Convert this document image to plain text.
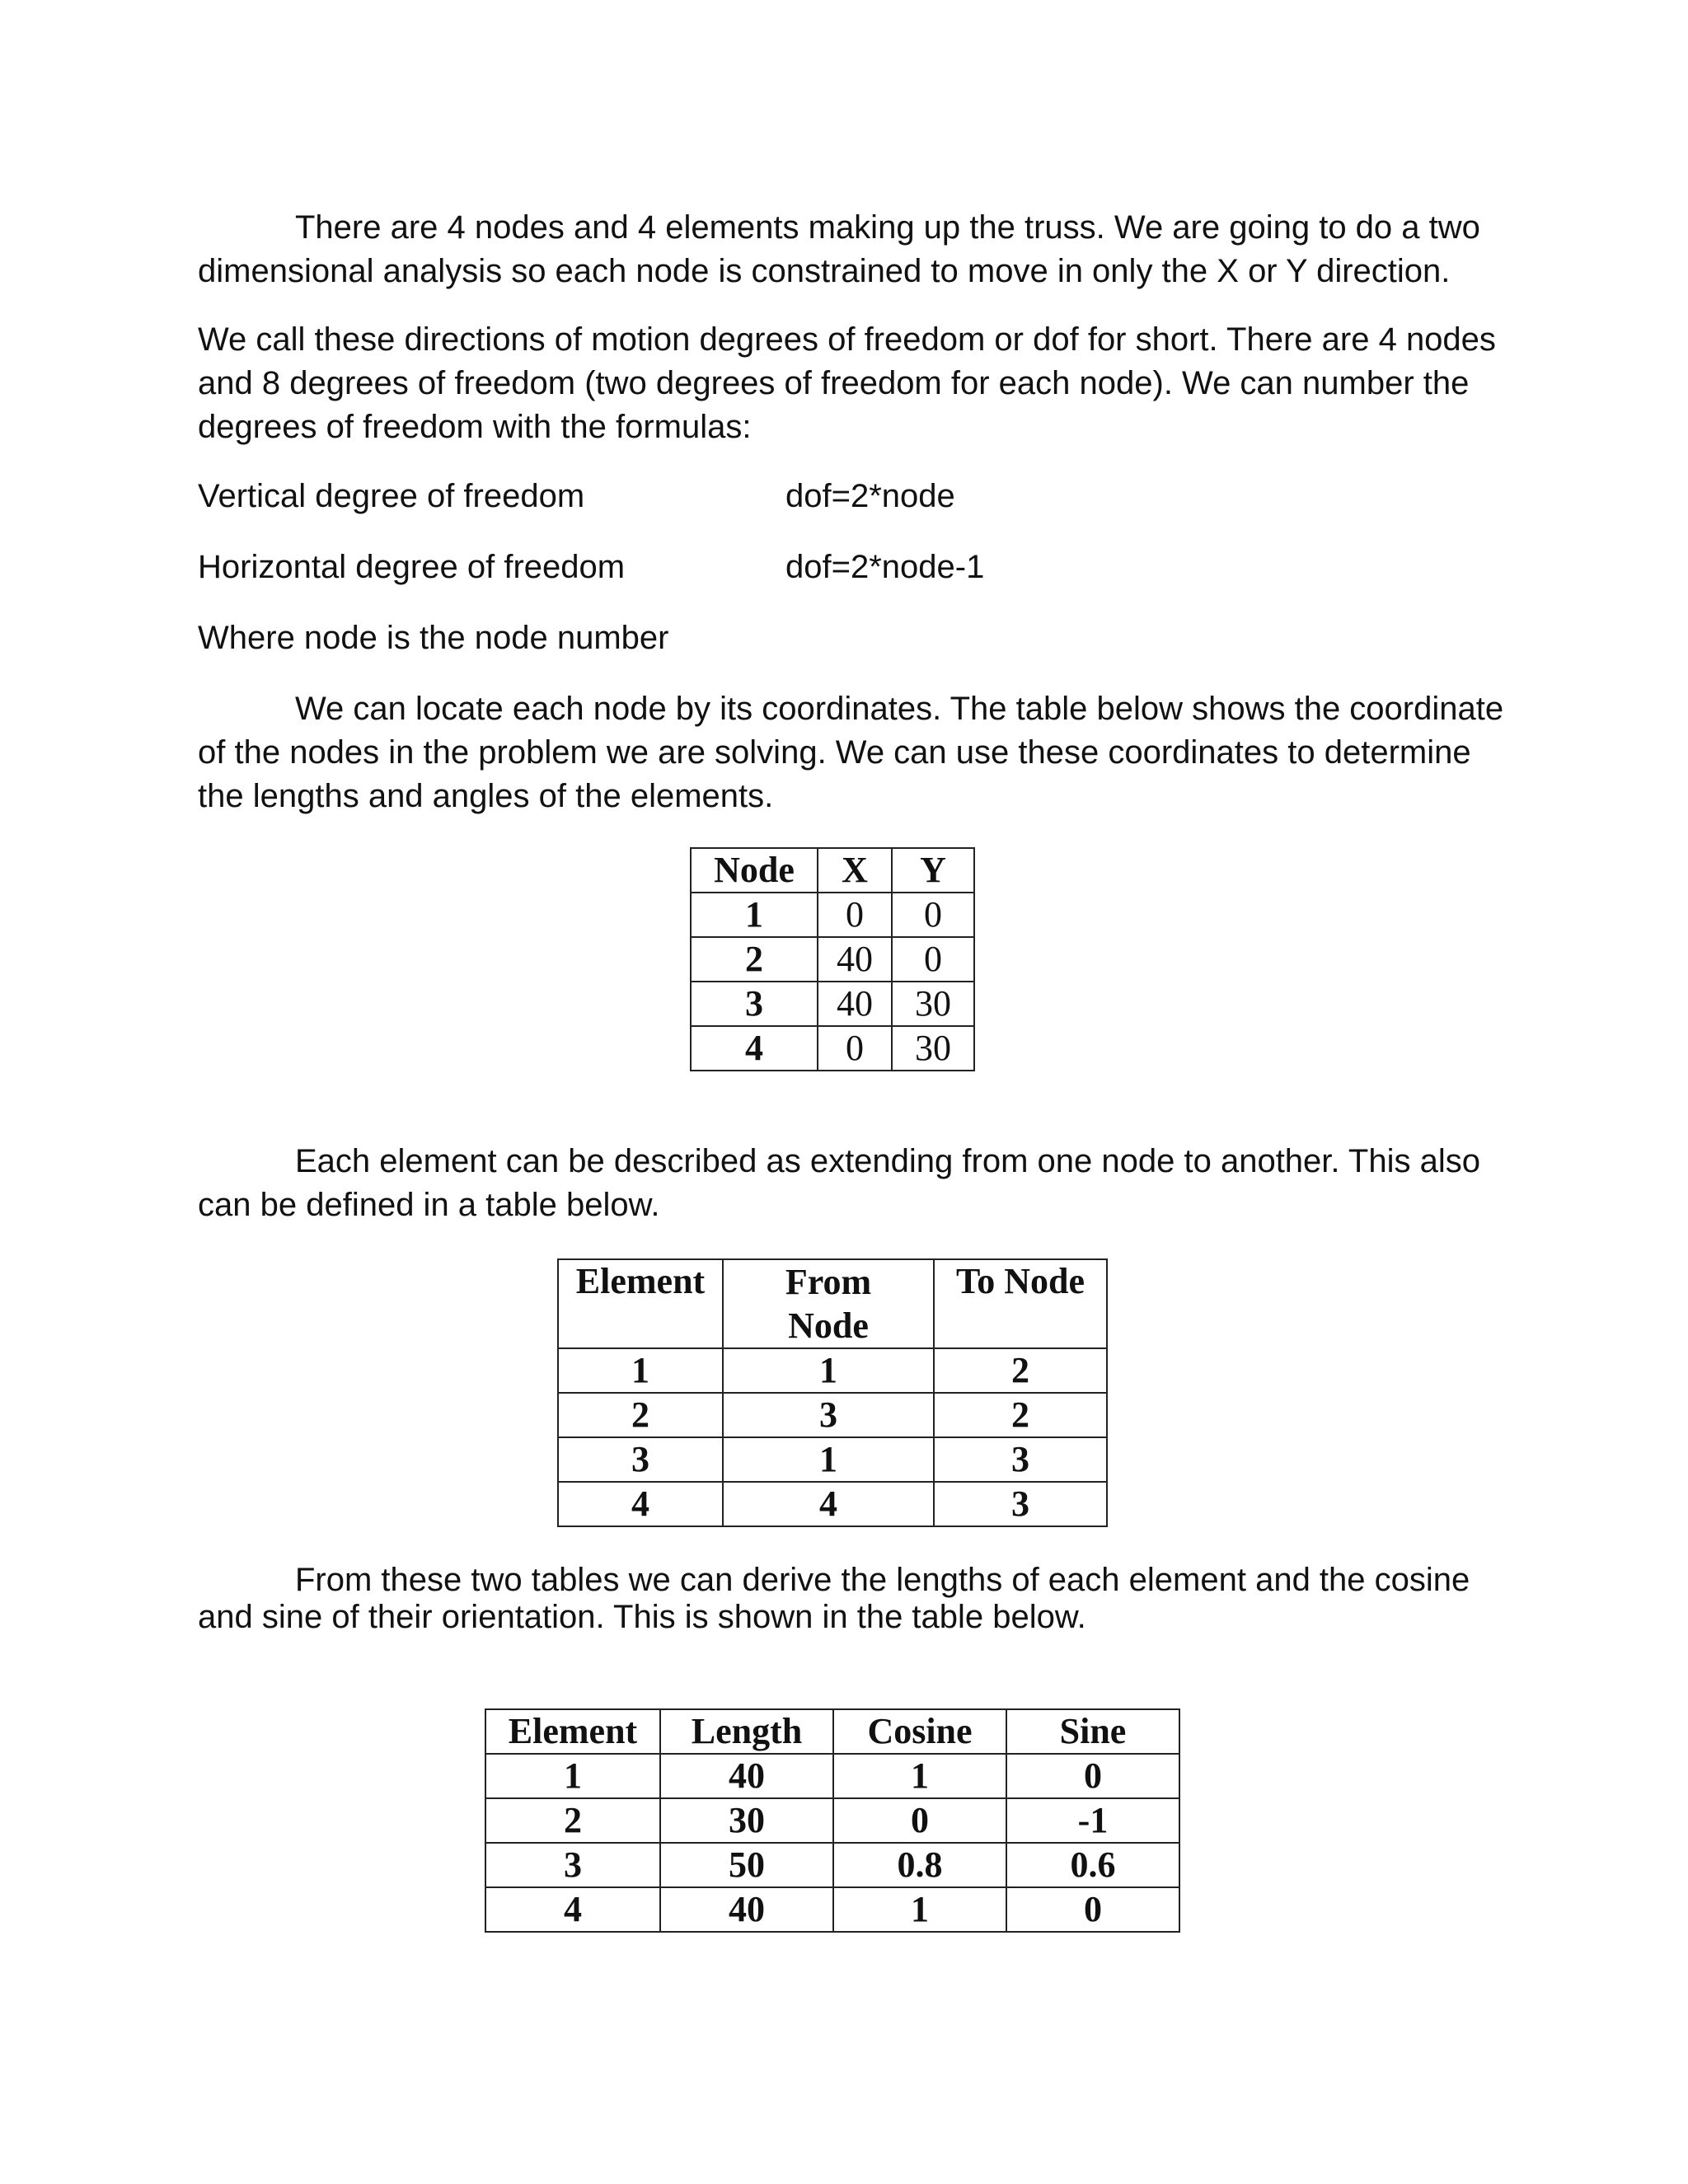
There are 4 nodes and 4 elements making up the truss. We are going to do a two dimensional analysis so each node is constrained to move in only the X or Y direction.

We call these directions of motion degrees of freedom or dof for short. There are 4 nodes and 8 degrees of freedom (two degrees of freedom for each node). We can number the degrees of freedom with the formulas:

Vertical degree of freedom	dof=2*node
Horizontal degree of freedom	dof=2*node-1

Where node is the node number

We can locate each node by its coordinates. The table below shows the coordinate of the nodes in the problem we are solving. We can use these coordinates to determine the lengths and angles of the elements.

Node	X	Y
1	0	0
2	40	0
3	40	30
4	0	30

Each element can be described as extending from one node to another. This also can be defined in a table below.

Element	From Node	To Node
1	1	2
2	3	2
3	1	3
4	4	3

From these two tables we can derive the lengths of each element and the cosine and sine of their orientation. This is shown in the table below.

Element	Length	Cosine	Sine
1	40	1	0
2	30	0	-1
3	50	0.8	0.6
4	40	1	0
